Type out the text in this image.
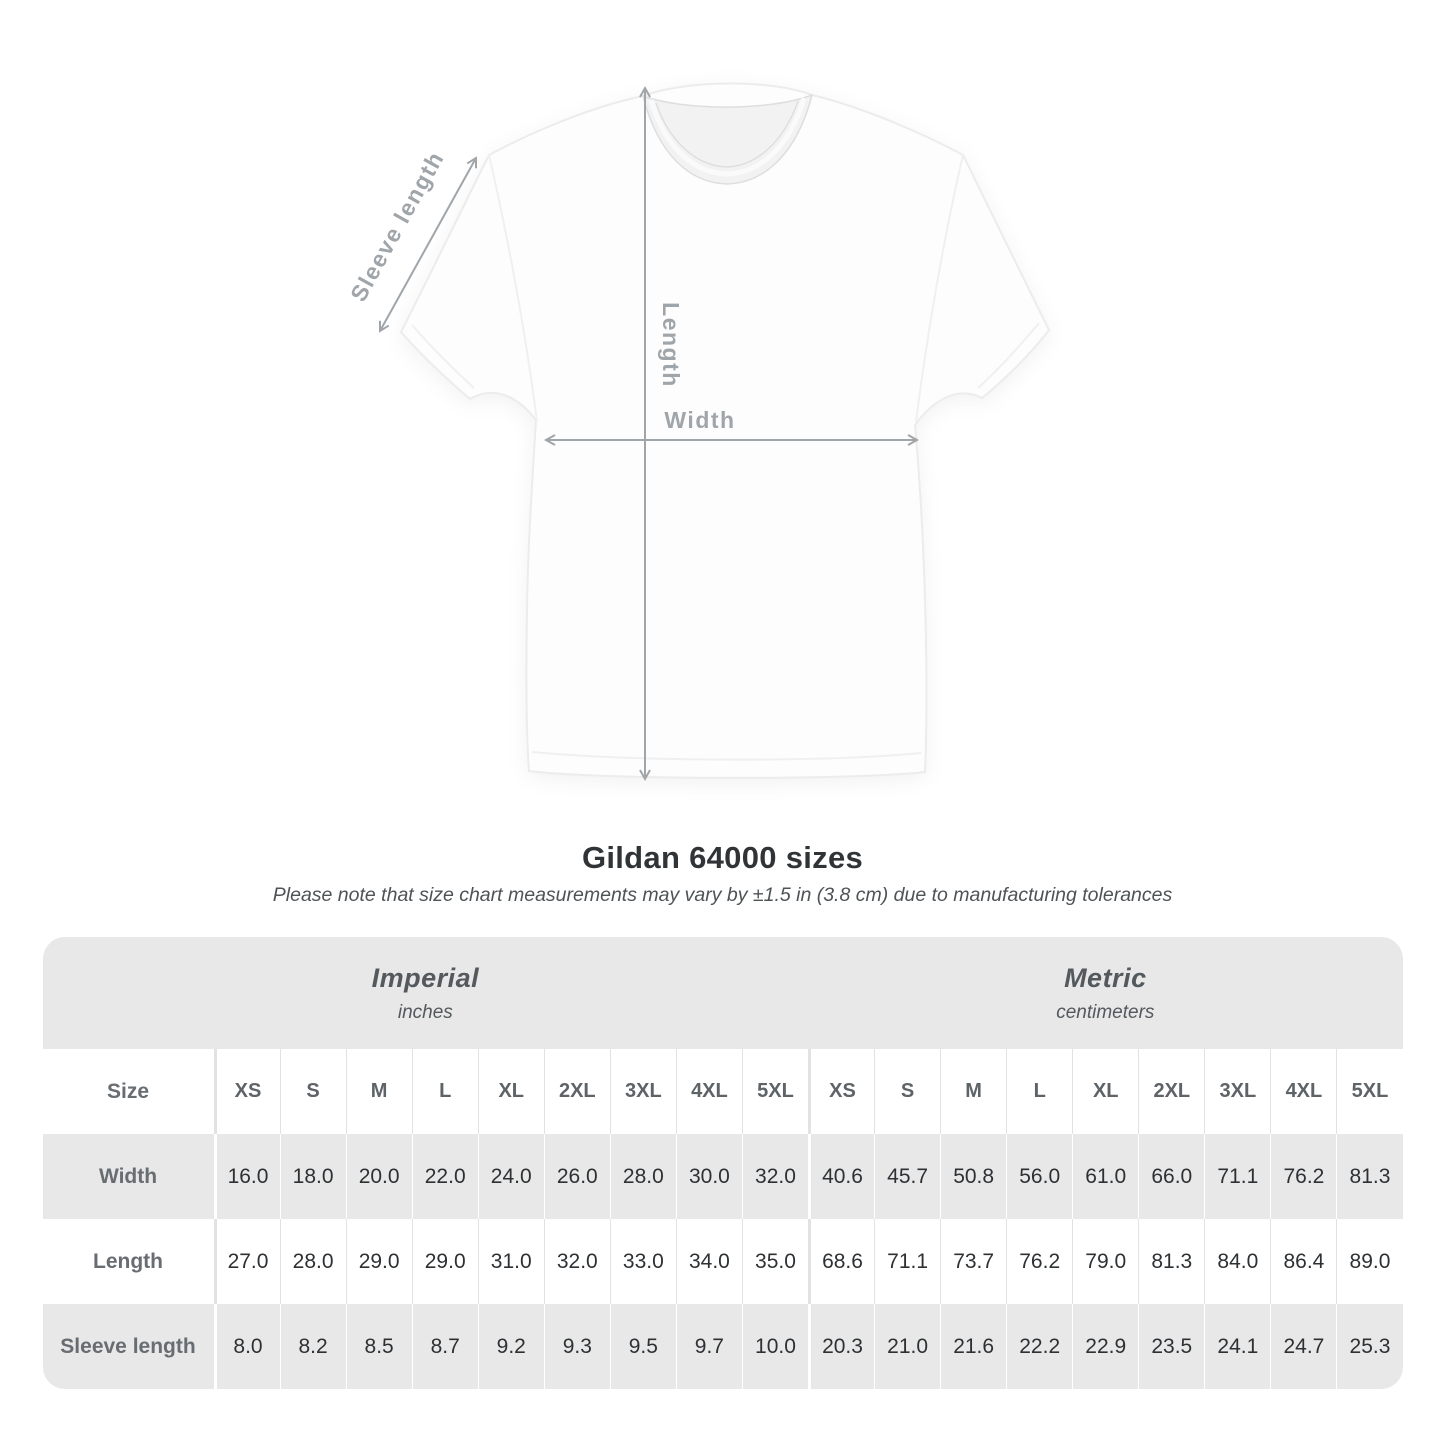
Width
Length
Sleeve length
Gildan 64000 sizes

Please note that size chart measurements may vary by ±1.5 in (3.8 cm) due to manufacturing tolerances

Imperial
inches
Metric
centimeters
Size	XS	S	M	L	XL	2XL	3XL	4XL	5XL	XS	S	M	L	XL	2XL	3XL	4XL	5XL
Width	16.0	18.0	20.0	22.0	24.0	26.0	28.0	30.0	32.0	40.6	45.7	50.8	56.0	61.0	66.0	71.1	76.2	81.3
Length	27.0	28.0	29.0	29.0	31.0	32.0	33.0	34.0	35.0	68.6	71.1	73.7	76.2	79.0	81.3	84.0	86.4	89.0
Sleeve length	8.0	8.2	8.5	8.7	9.2	9.3	9.5	9.7	10.0	20.3	21.0	21.6	22.2	22.9	23.5	24.1	24.7	25.3
